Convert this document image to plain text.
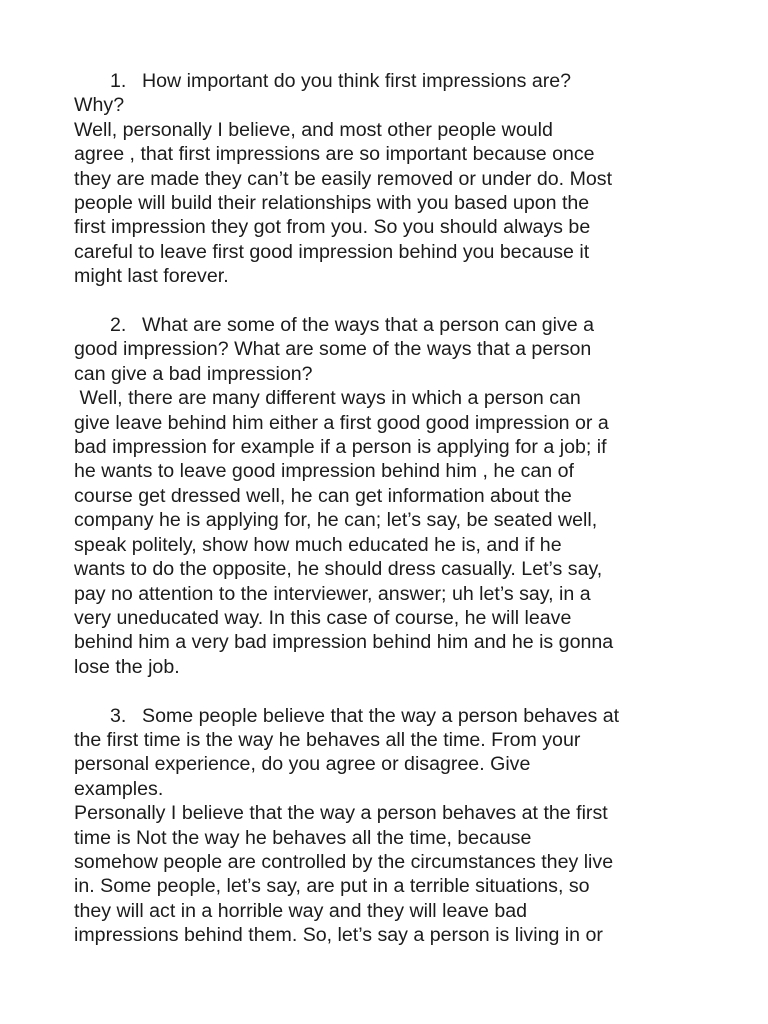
1. How important do you think first impressions are?
Why?

Well, personally I believe, and most other people would
agree , that first impressions are so important because once
they are made they can’t be easily removed or under do. Most
people will build their relationships with you based upon the
first impression they got from you. So you should always be
careful to leave first good impression behind you because it
might last forever.

2. What are some of the ways that a person can give a
good impression? What are some of the ways that a person
can give a bad impression?

Well, there are many different ways in which a person can
give leave behind him either a first good good impression or a
bad impression for example if a person is applying for a job; if
he wants to leave good impression behind him , he can of
course get dressed well, he can get information about the
company he is applying for, he can; let’s say, be seated well,
speak politely, show how much educated he is, and if he
wants to do the opposite, he should dress casually. Let’s say,
pay no attention to the interviewer, answer; uh let’s say, in a
very uneducated way. In this case of course, he will leave
behind him a very bad impression behind him and he is gonna
lose the job.

3. Some people believe that the way a person behaves at
the first time is the way he behaves all the time. From your
personal experience, do you agree or disagree. Give
examples.

Personally I believe that the way a person behaves at the first
time is Not the way he behaves all the time, because
somehow people are controlled by the circumstances they live
in. Some people, let’s say, are put in a terrible situations, so
they will act in a horrible way and they will leave bad
impressions behind them. So, let’s say a person is living in or
